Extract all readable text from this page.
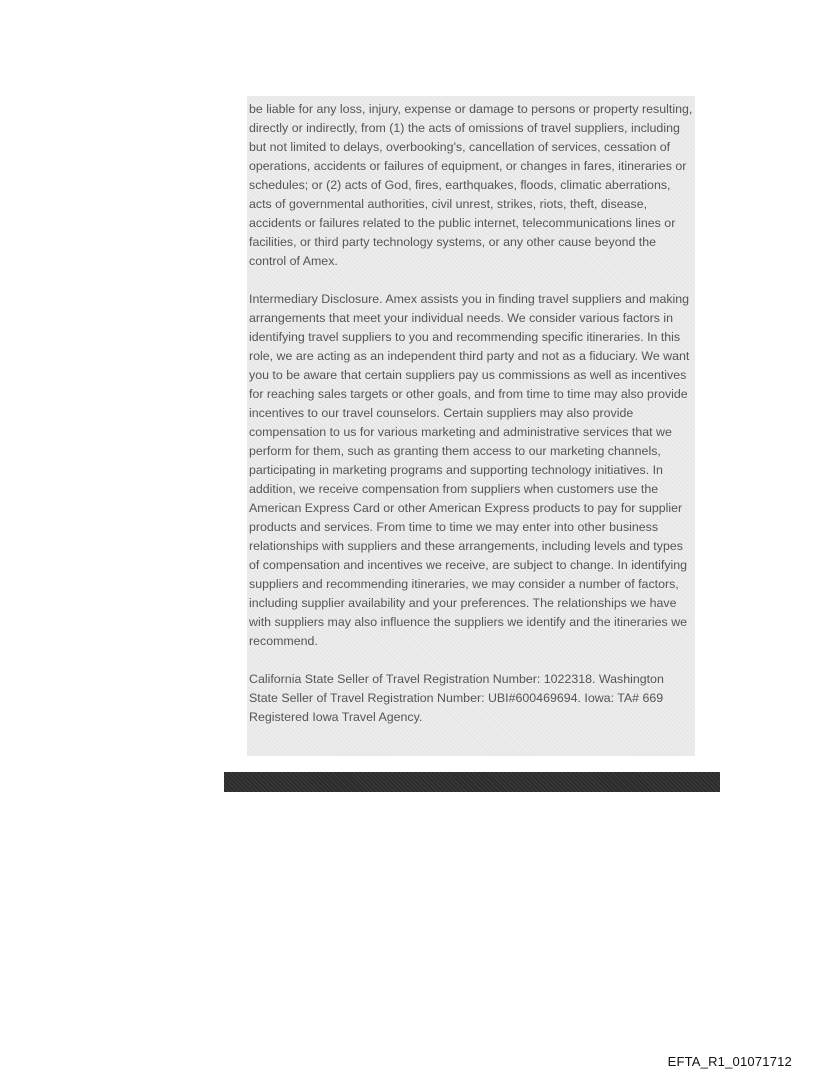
be liable for any loss, injury, expense or damage to persons or property resulting, directly or indirectly, from (1) the acts of omissions of travel suppliers, including but not limited to delays, overbooking's, cancellation of services, cessation of operations, accidents or failures of equipment, or changes in fares, itineraries or schedules; or (2) acts of God, fires, earthquakes, floods, climatic aberrations, acts of governmental authorities, civil unrest, strikes, riots, theft, disease, accidents or failures related to the public internet, telecommunications lines or facilities, or third party technology systems, or any other cause beyond the control of Amex.

Intermediary Disclosure. Amex assists you in finding travel suppliers and making arrangements that meet your individual needs. We consider various factors in identifying travel suppliers to you and recommending specific itineraries. In this role, we are acting as an independent third party and not as a fiduciary. We want you to be aware that certain suppliers pay us commissions as well as incentives for reaching sales targets or other goals, and from time to time may also provide incentives to our travel counselors. Certain suppliers may also provide compensation to us for various marketing and administrative services that we perform for them, such as granting them access to our marketing channels, participating in marketing programs and supporting technology initiatives. In addition, we receive compensation from suppliers when customers use the American Express Card or other American Express products to pay for supplier products and services. From time to time we may enter into other business relationships with suppliers and these arrangements, including levels and types of compensation and incentives we receive, are subject to change. In identifying suppliers and recommending itineraries, we may consider a number of factors, including supplier availability and your preferences. The relationships we have with suppliers may also influence the suppliers we identify and the itineraries we recommend.

California State Seller of Travel Registration Number: 1022318. Washington State Seller of Travel Registration Number: UBI#600469694. Iowa: TA# 669 Registered Iowa Travel Agency.

EFTA_R1_01071712
